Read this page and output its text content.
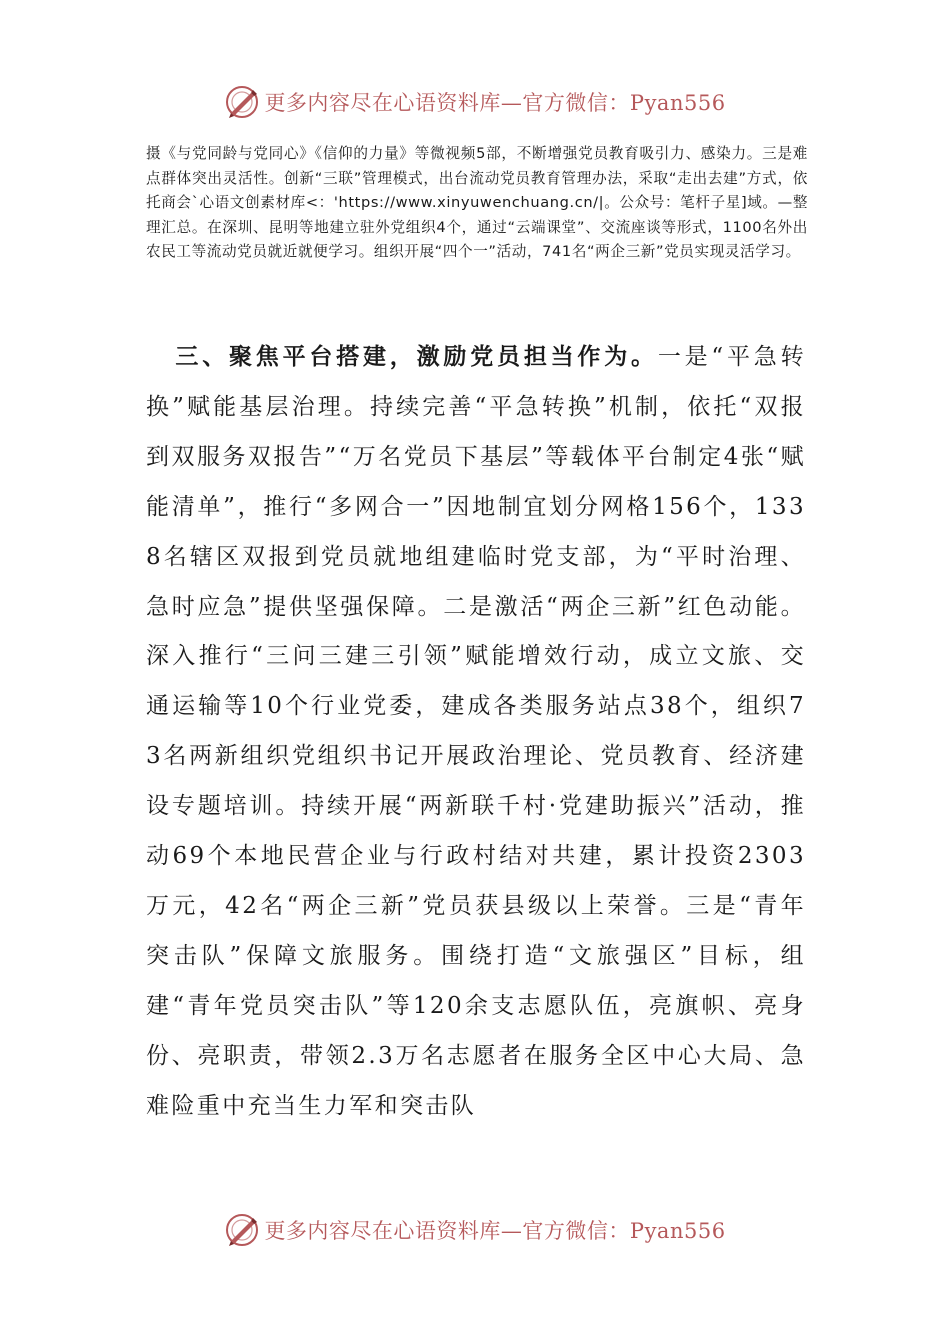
更多内容尽在心语资料库—官方微信：Pyan556
摄《与党同龄与党同心》《信仰的力量》等微视频5部，不断增强党员教育吸引力、感染力。三是难点群体突出灵活性。创新“三联”管理模式，出台流动党员教育管理办法，采取“走出去建”方式，依托商会`心语文创素材库<：'https://www.xinyuwenchuang.cn/|。公众号：笔杆子星]域。—整理汇总。在深圳、昆明等地建立驻外党组织4个，通过“云端课堂”、交流座谈等形式，1100名外出农民工等流动党员就近就便学习。组织开展“四个一”活动，741名“两企三新”党员实现灵活学习。
三、聚焦平台搭建，激励党员担当作为。一是“平急转换”赋能基层治理。持续完善“平急转换”机制，依托“双报到双服务双报告”“万名党员下基层”等载体平台制定4张“赋能清单”，推行“多网合一”因地制宜划分网格156个，1338名辖区双报到党员就地组建临时党支部，为“平时治理、急时应急”提供坚强保障。二是激活“两企三新”红色动能。深入推行“三问三建三引领”赋能增效行动，成立文旅、交通运输等10个行业党委，建成各类服务站点38个，组织73名两新组织党组织书记开展政治理论、党员教育、经济建设专题培训。持续开展“两新联千村·党建助振兴”活动，推动69个本地民营企业与行政村结对共建，累计投资2303万元，42名“两企三新”党员获县级以上荣誉。三是“青年突击队”保障文旅服务。围绕打造“文旅强区”目标，组建“青年党员突击队”等120余支志愿队伍，亮旗帜、亮身份、亮职责，带领2.3万名志愿者在服务全区中心大局、急难险重中充当生力军和突击队
更多内容尽在心语资料库—官方微信：Pyan556
